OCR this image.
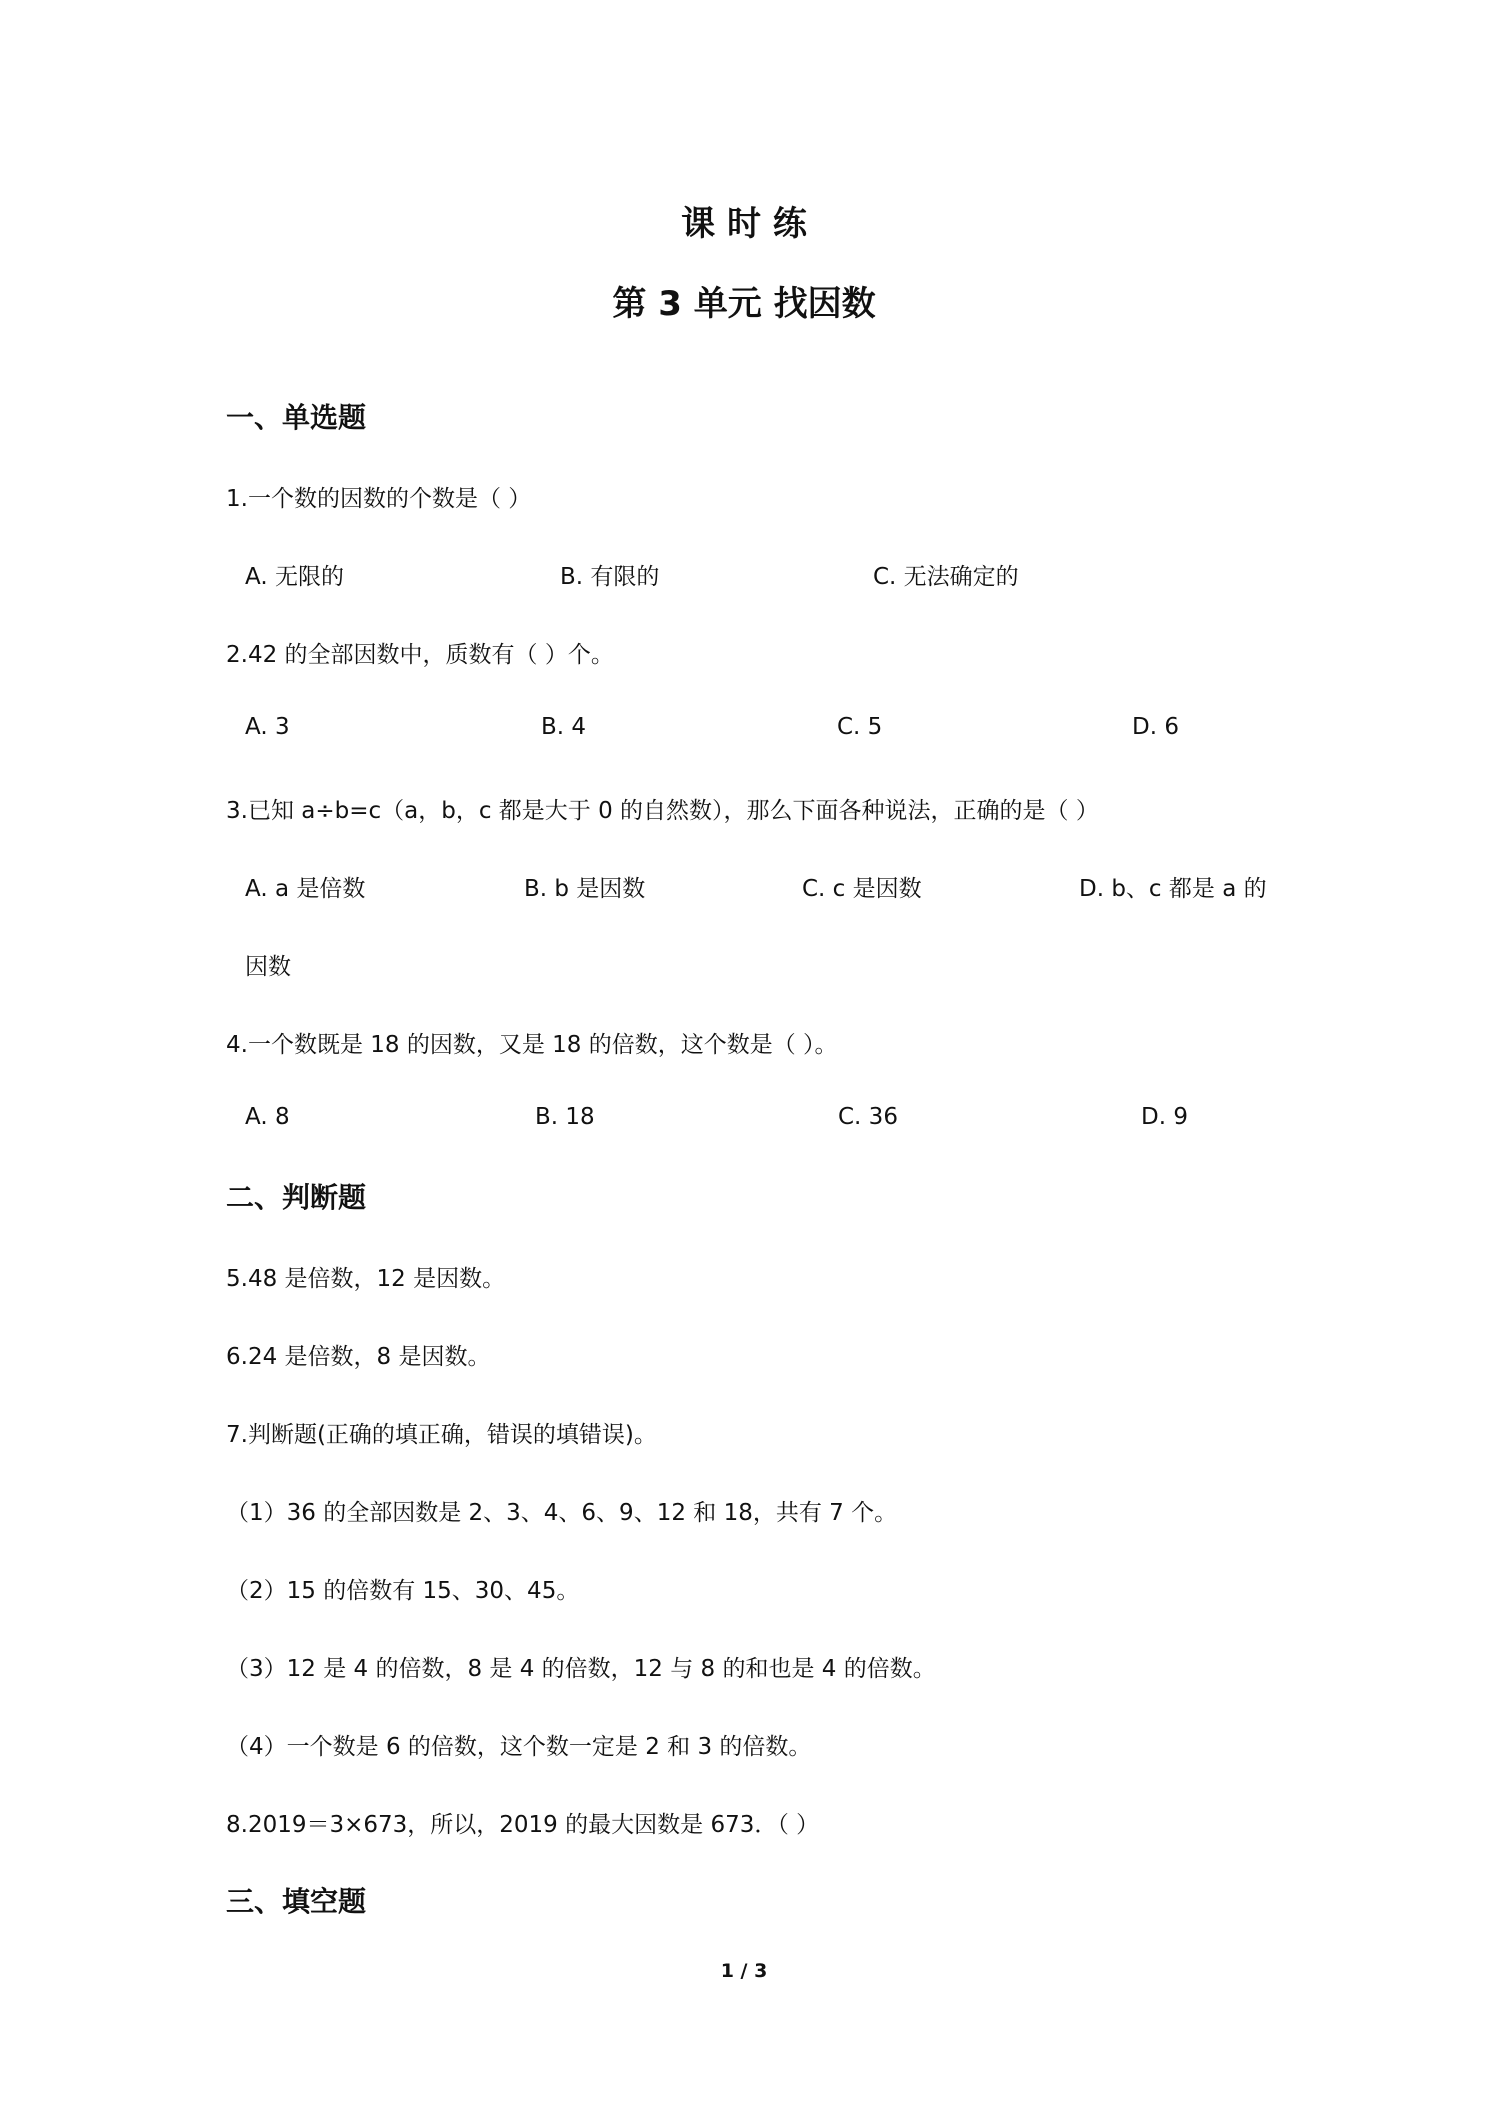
课 时 练
第 3 单元 找因数
一、单选题
1.一个数的因数的个数是（ ）
A. 无限的	B. 有限的	C. 无法确定的
2.42 的全部因数中，质数有（ ）个。
A. 3	B. 4	C. 5	D. 6
3.已知 a÷b=c（a，b，c 都是大于 0 的自然数），那么下面各种说法，正确的是（ ）
A. a 是倍数	B. b 是因数	C. c 是因数	D. b、c 都是 a 的
因数
4.一个数既是 18 的因数，又是 18 的倍数，这个数是（ ）。
A. 8	B. 18	C. 36	D. 9
二、判断题
5.48 是倍数，12 是因数。
6.24 是倍数，8 是因数。
7.判断题(正确的填正确，错误的填错误)。
（1）36 的全部因数是 2、3、4、6、9、12 和 18，共有 7 个。
（2）15 的倍数有 15、30、45。
（3）12 是 4 的倍数，8 是 4 的倍数，12 与 8 的和也是 4 的倍数。
（4）一个数是 6 的倍数，这个数一定是 2 和 3 的倍数。
8.2019＝3×673，所以，2019 的最大因数是 673．（ ）
三、填空题
1 / 3
